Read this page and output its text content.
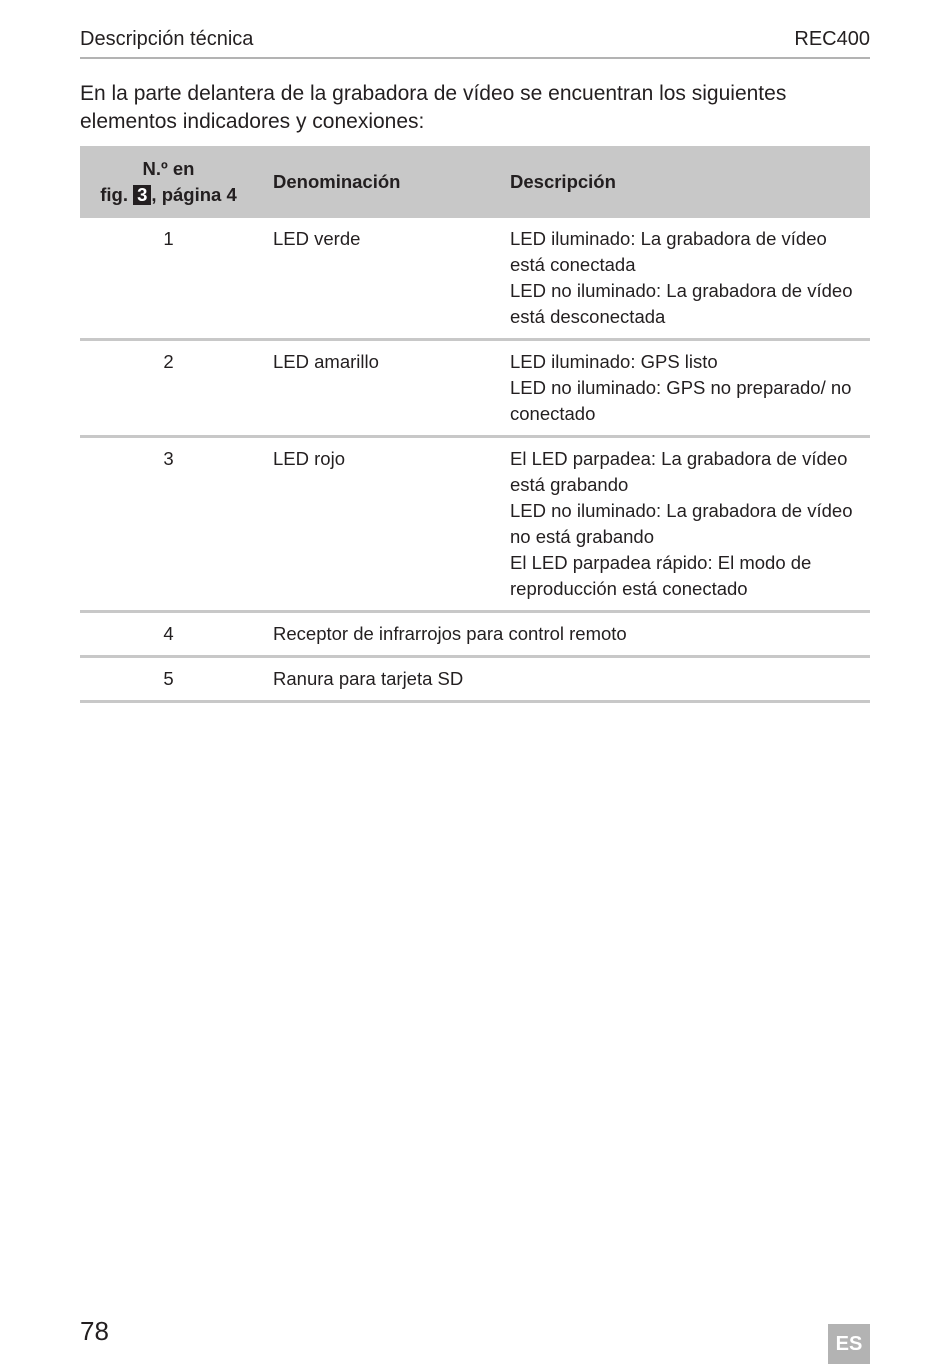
Descripción técnica	REC400
En la parte delantera de la grabadora de vídeo se encuentran los siguientes elementos indicadores y conexiones:
N.º en
fig. 3 , página 4	Denominación	Descripción
1	LED verde	LED iluminado: La grabadora de vídeo está conectada
LED no iluminado: La grabadora de vídeo está desconectada

2	LED amarillo	LED iluminado: GPS listo
LED no iluminado: GPS no preparado/ no conectado

3	LED rojo	El LED parpadea: La grabadora de vídeo está grabando
LED no iluminado: La grabadora de vídeo no está grabando
El LED parpadea rápido: El modo de reproducción está conectado

4	Receptor de infrarrojos para control remoto	
5	Ranura para tarjeta SD	
78	ES
